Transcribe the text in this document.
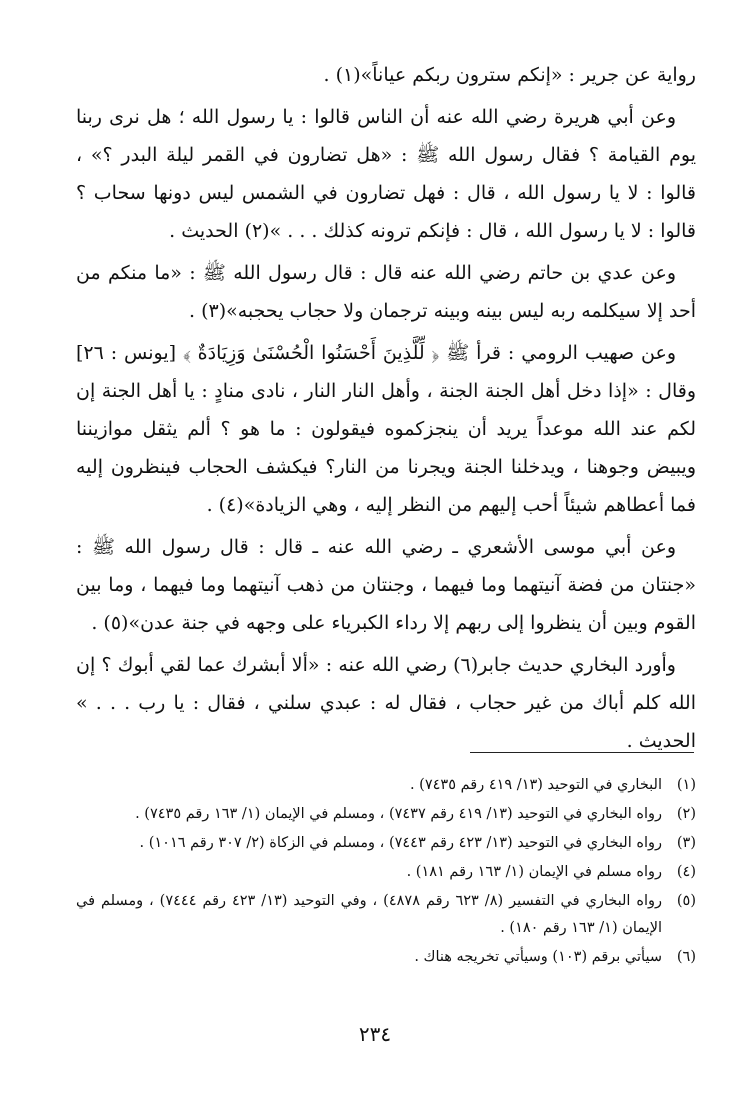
رواية عن جرير : «إنكم سترون ربكم عياناً»(١) .

وعن أبي هريرة رضي الله عنه أن الناس قالوا : يا رسول الله ؛ هل نرى ربنا يوم القيامة ؟ فقال رسول الله ﷺ : «هل تضارون في القمر ليلة البدر ؟» ، قالوا : لا يا رسول الله ، قال : فهل تضارون في الشمس ليس دونها سحاب ؟ قالوا : لا يا رسول الله ، قال : فإنكم ترونه كذلك . . . »(٢) الحديث .

وعن عدي بن حاتم رضي الله عنه قال : قال رسول الله ﷺ : «ما منكم من أحد إلا سيكلمه ربه ليس بينه وبينه ترجمان ولا حجاب يحجبه»(٣) .

وعن صهيب الرومي : قرأ ﷺ ﴿ لِّلَّذِينَ أَحْسَنُوا الْحُسْنَىٰ وَزِيَادَةٌ ﴾ [يونس : ٢٦] وقال : «إذا دخل أهل الجنة الجنة ، وأهل النار النار ، نادى منادٍ : يا أهل الجنة إن لكم عند الله موعداً يريد أن ينجزكموه فيقولون : ما هو ؟ ألم يثقل موازيننا ويبيض وجوهنا ، ويدخلنا الجنة ويجرنا من النار؟ فيكشف الحجاب فينظرون إليه فما أعطاهم شيئاً أحب إليهم من النظر إليه ، وهي الزيادة»(٤) .

وعن أبي موسى الأشعري ـ رضي الله عنه ـ قال : قال رسول الله ﷺ : «جنتان من فضة آنيتهما وما فيهما ، وجنتان من ذهب آنيتهما وما فيهما ، وما بين القوم وبين أن ينظروا إلى ربهم إلا رداء الكبرياء على وجهه في جنة عدن»(٥) .

وأورد البخاري حديث جابر(٦) رضي الله عنه : «ألا أبشرك عما لقي أبوك ؟ إن الله كلم أباك من غير حجاب ، فقال له : عبدي سلني ، فقال : يا رب . . . » الحديث .

(١)
البخاري في التوحيد (١٣/ ٤١٩ رقم ٧٤٣٥) .
(٢)
رواه البخاري في التوحيد (١٣/ ٤١٩ رقم ٧٤٣٧) ، ومسلم في الإيمان (١/ ١٦٣ رقم ٧٤٣٥) .
(٣)
رواه البخاري في التوحيد (١٣/ ٤٢٣ رقم ٧٤٤٣) ، ومسلم في الزكاة (٢/ ٣٠٧ رقم ١٠١٦) .
(٤)
رواه مسلم في الإيمان (١/ ١٦٣ رقم ١٨١) .
(٥)
رواه البخاري في التفسير (٨/ ٦٢٣ رقم ٤٨٧٨) ، وفي التوحيد (١٣/ ٤٢٣ رقم ٧٤٤٤) ، ومسلم في الإيمان (١/ ١٦٣ رقم ١٨٠) .
(٦)
سيأتي برقم (١٠٣) وسيأتي تخريجه هناك .
٢٣٤
